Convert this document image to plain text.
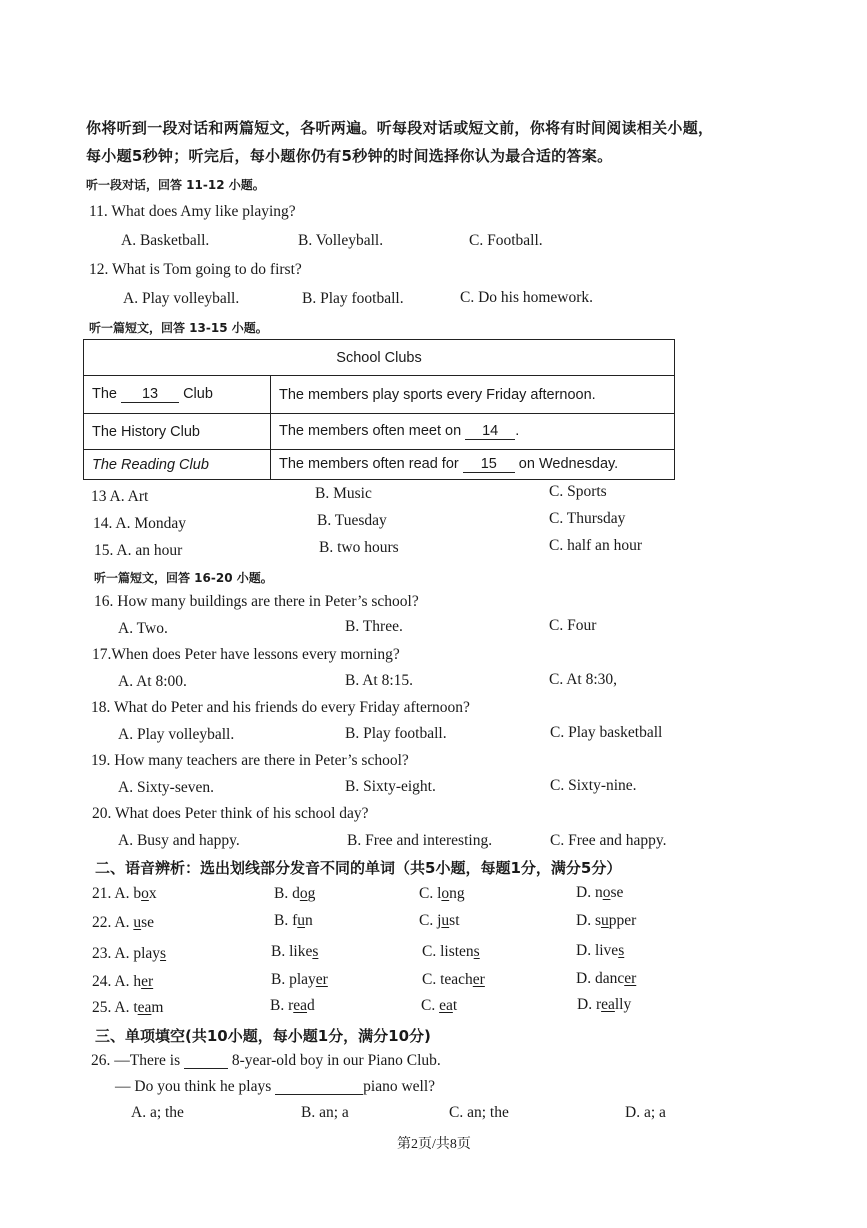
你将听到一段对话和两篇短文，各听两遍。听每段对话或短文前，你将有时间阅读相关小题，
每小题5秒钟；听完后，每小题你仍有5秒钟的时间选择你认为最合适的答案。
听一段对话，回答 11-12 小题。
11. What does Amy like playing?
A. Basketball.	B. Volleyball.	C. Football.
12. What is Tom going to do first?
A. Play volleyball.	B. Play football.	C. Do his homework.
听一篇短文，回答 13-15 小题。
School Clubs	
The 13 Club	The members play sports every Friday afternoon.
The History Club	The members often meet on 14 .
The Reading Club	The members often read for 15 on Wednesday.
13 A. Art	B. Music	C. Sports
14. A. Monday	B. Tuesday	C. Thursday
15. A. an hour	B. two hours	C. half an hour
听一篇短文，回答 16-20 小题。
16. How many buildings are there in Peter’s school?
A. Two.	B. Three.	C. Four
17.When does Peter have lessons every morning?
A. At 8:00.	B. At 8:15.	C. At 8:30,
18. What do Peter and his friends do every Friday afternoon?
A. Play volleyball.	B. Play football.	C. Play basketball
19. How many teachers are there in Peter’s school?
A. Sixty-seven.	B. Sixty-eight.	C. Sixty-nine.
20. What does Peter think of his school day?
A. Busy and happy.	B. Free and interesting.	C. Free and happy.
二、语音辨析：选出划线部分发音不同的单词（共5小题，每题1分，满分5分）
21. A. box	B. dog	C. long	D. nose
22. A. use	B. fun	C. just	D. supper
23. A. plays	B. likes	C. listens	D. lives
24. A. her	B. player	C. teacher	D. dancer
25. A. team	B. read	C. eat	D. really
三、单项填空(共10小题，每小题1分，满分10分)
26. —There is	8-year-old boy in our Piano Club.
— Do you think he plays	piano well?
A. a; the	B. an; a	C. an; the	D. a; a
第2页/共8页
